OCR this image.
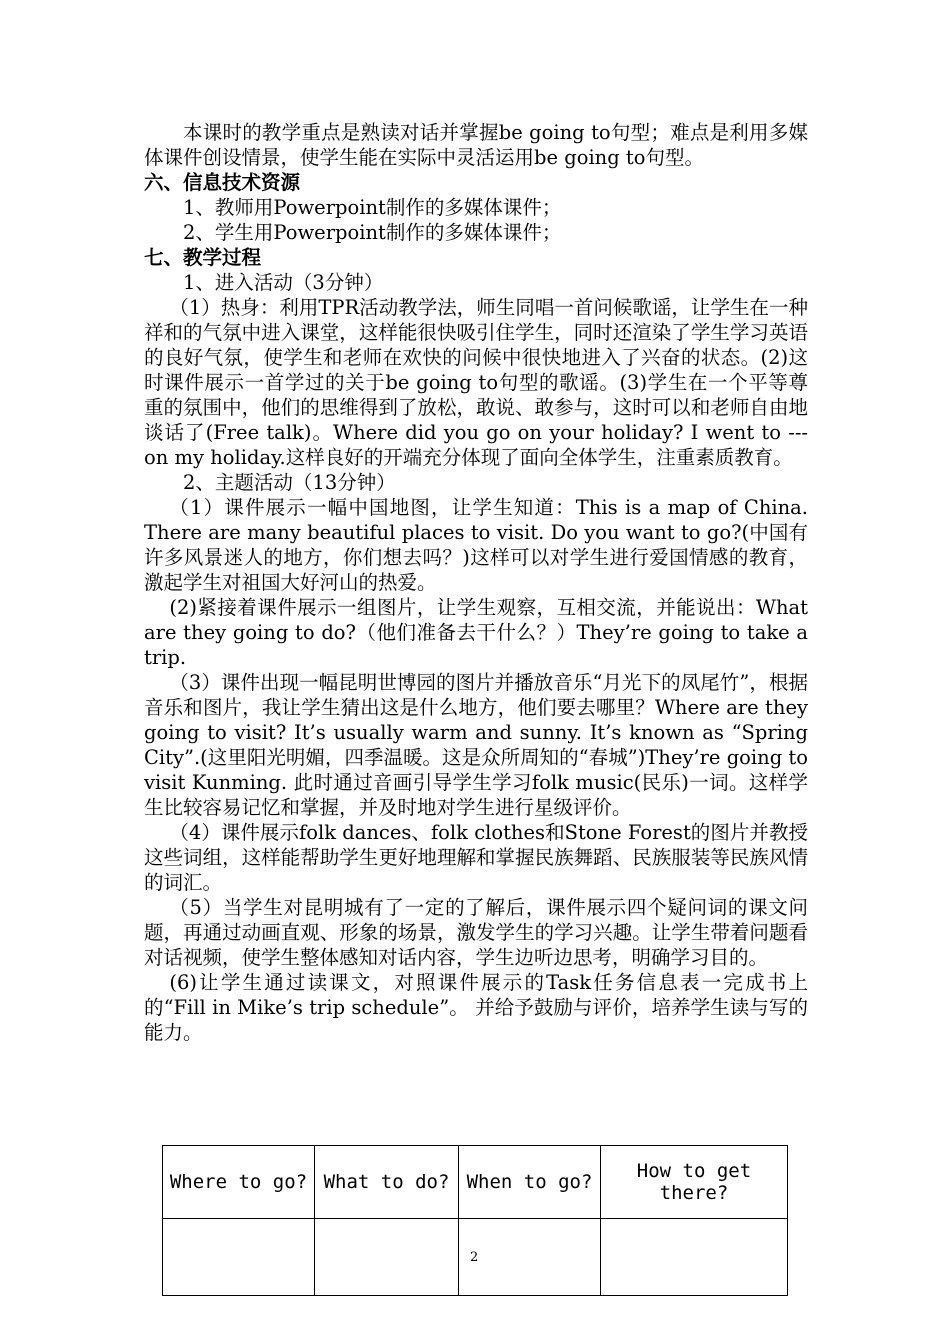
本课时的教学重点是熟读对话并掌握be going to句型；难点是利用多媒体课件创设情景，使学生能在实际中灵活运用be going to句型。

六、信息技术资源

1、教师用Powerpoint制作的多媒体课件；

2、学生用Powerpoint制作的多媒体课件；

七、教学过程

1、进入活动（3分钟）

（1）热身：利用TPR活动教学法，师生同唱一首问候歌谣，让学生在一种祥和的气氛中进入课堂，这样能很快吸引住学生，同时还渲染了学生学习英语的良好气氛，使学生和老师在欢快的问候中很快地进入了兴奋的状态。(2)这时课件展示一首学过的关于be going to句型的歌谣。(3)学生在一个平等尊重的氛围中，他们的思维得到了放松，敢说、敢参与，这时可以和老师自由地谈话了(Free talk)。Where did you go on your holiday? I went to ---on my holiday.这样良好的开端充分体现了面向全体学生，注重素质教育。

2、主题活动（13分钟）

（1）课件展示一幅中国地图，让学生知道：This is a map of China. There are many beautiful places to visit. Do you want to go?(中国有许多风景迷人的地方，你们想去吗？)这样可以对学生进行爱国情感的教育，激起学生对祖国大好河山的热爱。

(2)紧接着课件展示一组图片，让学生观察，互相交流，并能说出：What are they going to do?（他们准备去干什么？）They’re going to take a trip.

（3）课件出现一幅昆明世博园的图片并播放音乐“月光下的凤尾竹”，根据音乐和图片，我让学生猜出这是什么地方，他们要去哪里？Where are they going to visit? It’s usually warm and sunny. It’s known as “Spring City”.(这里阳光明媚，四季温暖。这是众所周知的“春城”)They’re going to visit Kunming. 此时通过音画引导学生学习folk music(民乐)一词。这样学生比较容易记忆和掌握，并及时地对学生进行星级评价。

（4）课件展示folk dances、folk clothes和Stone Forest的图片并教授这些词组，这样能帮助学生更好地理解和掌握民族舞蹈、民族服装等民族风情的词汇。

（5）当学生对昆明城有了一定的了解后，课件展示四个疑问词的课文问题，再通过动画直观、形象的场景，激发学生的学习兴趣。让学生带着问题看对话视频，使学生整体感知对话内容，学生边听边思考，明确学习目的。

(6)让学生通过读课文，对照课件展示的Task任务信息表一完成书上的“Fill in Mike’s trip schedule”。 并给予鼓励与评价，培养学生读与写的能力。

Where to go?	What to do?	When to go?	How to get there?

2
